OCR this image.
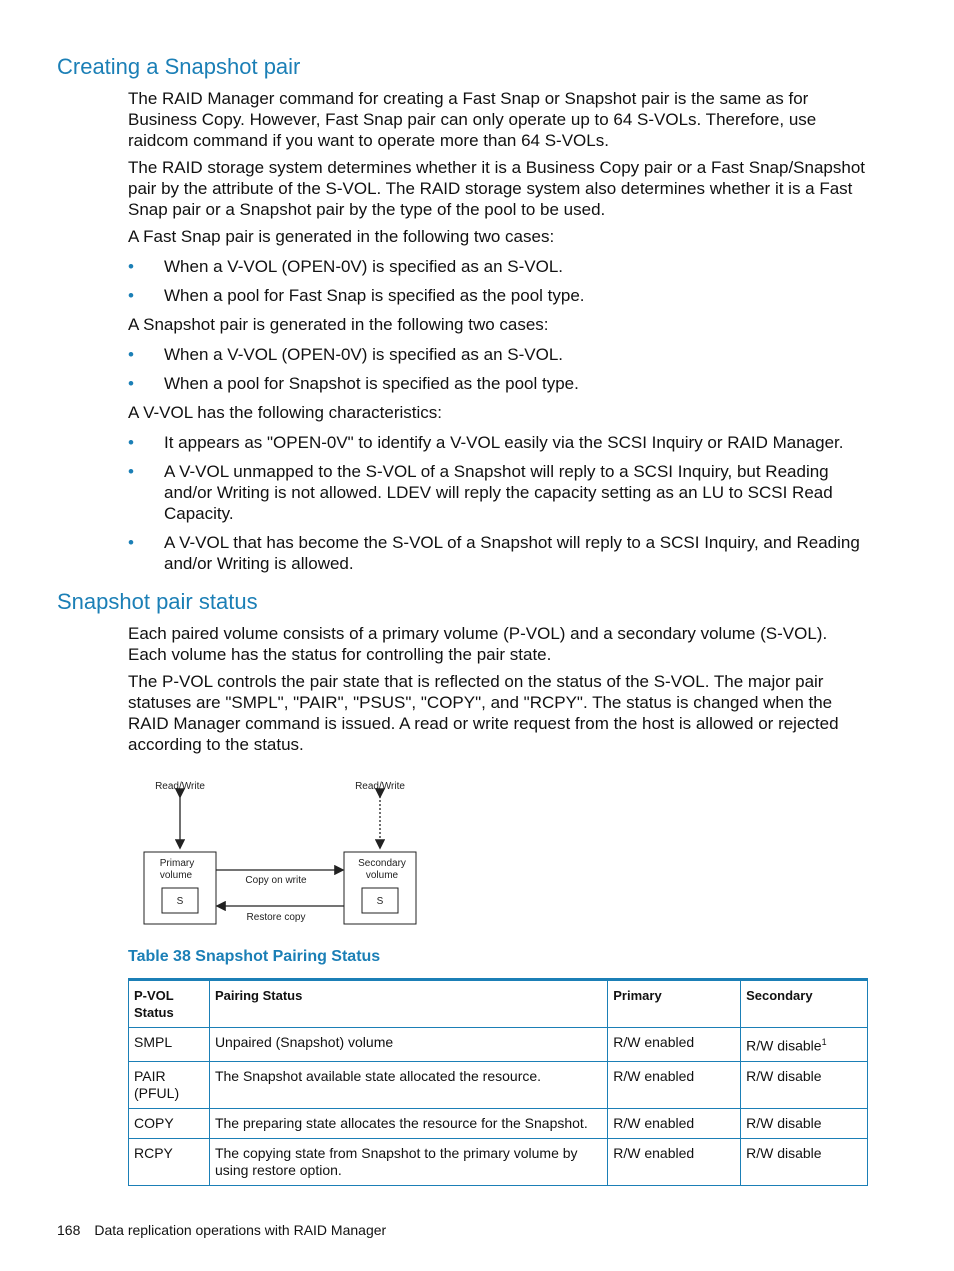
Creating a Snapshot pair

The RAID Manager command for creating a Fast Snap or Snapshot pair is the same as for Business Copy. However, Fast Snap pair can only operate up to 64 S-VOLs. Therefore, use raidcom command if you want to operate more than 64 S-VOLs.

The RAID storage system determines whether it is a Business Copy pair or a Fast Snap/Snapshot pair by the attribute of the S-VOL. The RAID storage system also determines whether it is a Fast Snap pair or a Snapshot pair by the type of the pool to be used.

A Fast Snap pair is generated in the following two cases:

• When a V-VOL (OPEN-0V) is specified as an S-VOL.
• When a pool for Fast Snap is specified as the pool type.

A Snapshot pair is generated in the following two cases:

• When a V-VOL (OPEN-0V) is specified as an S-VOL.
• When a pool for Snapshot is specified as the pool type.

A V-VOL has the following characteristics:

• It appears as "OPEN-0V" to identify a V-VOL easily via the SCSI Inquiry or RAID Manager.
• A V-VOL unmapped to the S-VOL of a Snapshot will reply to a SCSI Inquiry, but Reading and/or Writing is not allowed. LDEV will reply the capacity setting as an LU to SCSI Read Capacity.
• A V-VOL that has become the S-VOL of a Snapshot will reply to a SCSI Inquiry, and Reading and/or Writing is allowed.
Snapshot pair status

Each paired volume consists of a primary volume (P-VOL) and a secondary volume (S-VOL). Each volume has the status for controlling the pair state.

The P-VOL controls the pair state that is reflected on the status of the S-VOL. The major pair statuses are "SMPL", "PAIR", "PSUS", "COPY", and "RCPY". The status is changed when the RAID Manager command is issued. A read or write request from the host is allowed or rejected according to the status.

Read/Write	Read/Write
Primary
volume
S
Secondary
volume
S
Copy on write
Restore copy

Table 38 Snapshot Pairing Status

P-VOL Status	Pairing Status	Primary	Secondary
SMPL	Unpaired (Snapshot) volume	R/W enabled	R/W disable$^1$
PAIR (PFUL)	The Snapshot available state allocated the resource.	R/W enabled	R/W disable
COPY	The preparing state allocates the resource for the Snapshot.	R/W enabled	R/W disable
RCPY	The copying state from Snapshot to the primary volume by using restore option.	R/W enabled	R/W disable

168 Data replication operations with RAID Manager
